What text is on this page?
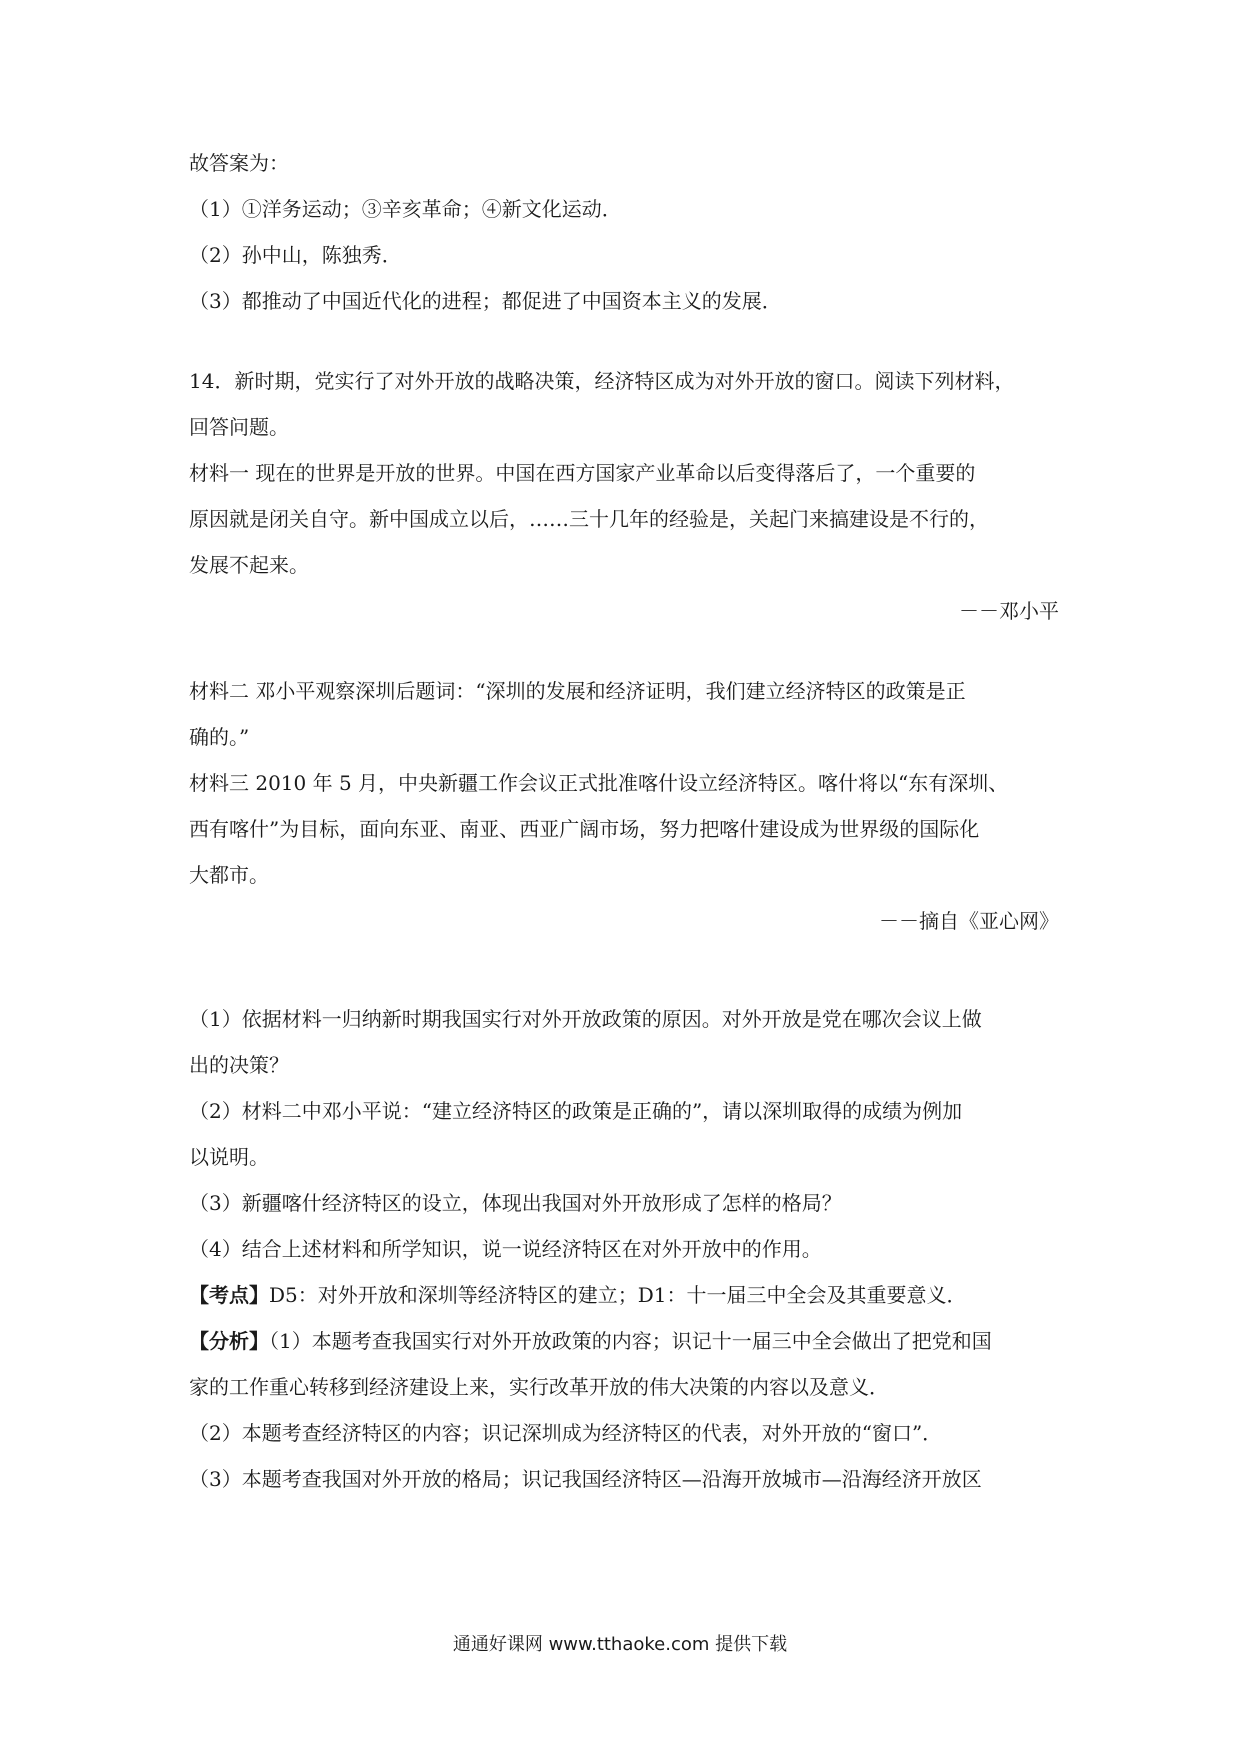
故答案为：
（1）①洋务运动；③辛亥革命；④新文化运动．
（2）孙中山，陈独秀．
（3）都推动了中国近代化的进程；都促进了中国资本主义的发展．
14．新时期，党实行了对外开放的战略决策，经济特区成为对外开放的窗口。阅读下列材料，
回答问题。
材料一 现在的世界是开放的世界。中国在西方国家产业革命以后变得落后了，一个重要的
原因就是闭关自守。新中国成立以后，……三十几年的经验是，关起门来搞建设是不行的，
发展不起来。
－－邓小平
材料二 邓小平观察深圳后题词：“深圳的发展和经济证明，我们建立经济特区的政策是正
确的。”
材料三 2010 年 5 月，中央新疆工作会议正式批准喀什设立经济特区。喀什将以“东有深圳、
西有喀什”为目标，面向东亚、南亚、西亚广阔市场，努力把喀什建设成为世界级的国际化
大都市。
－－摘自《亚心网》
（1）依据材料一归纳新时期我国实行对外开放政策的原因。对外开放是党在哪次会议上做
出的决策？
（2）材料二中邓小平说：“建立经济特区的政策是正确的”，请以深圳取得的成绩为例加
以说明。
（3）新疆喀什经济特区的设立，体现出我国对外开放形成了怎样的格局？
（4）结合上述材料和所学知识，说一说经济特区在对外开放中的作用。
【考点】D5：对外开放和深圳等经济特区的建立；D1：十一届三中全会及其重要意义．
【分析】（1）本题考查我国实行对外开放政策的内容；识记十一届三中全会做出了把党和国
家的工作重心转移到经济建设上来，实行改革开放的伟大决策的内容以及意义．
（2）本题考查经济特区的内容；识记深圳成为经济特区的代表，对外开放的“窗口”．
（3）本题考查我国对外开放的格局；识记我国经济特区—沿海开放城市—沿海经济开放区
通通好课网 www.tthaoke.com 提供下载
